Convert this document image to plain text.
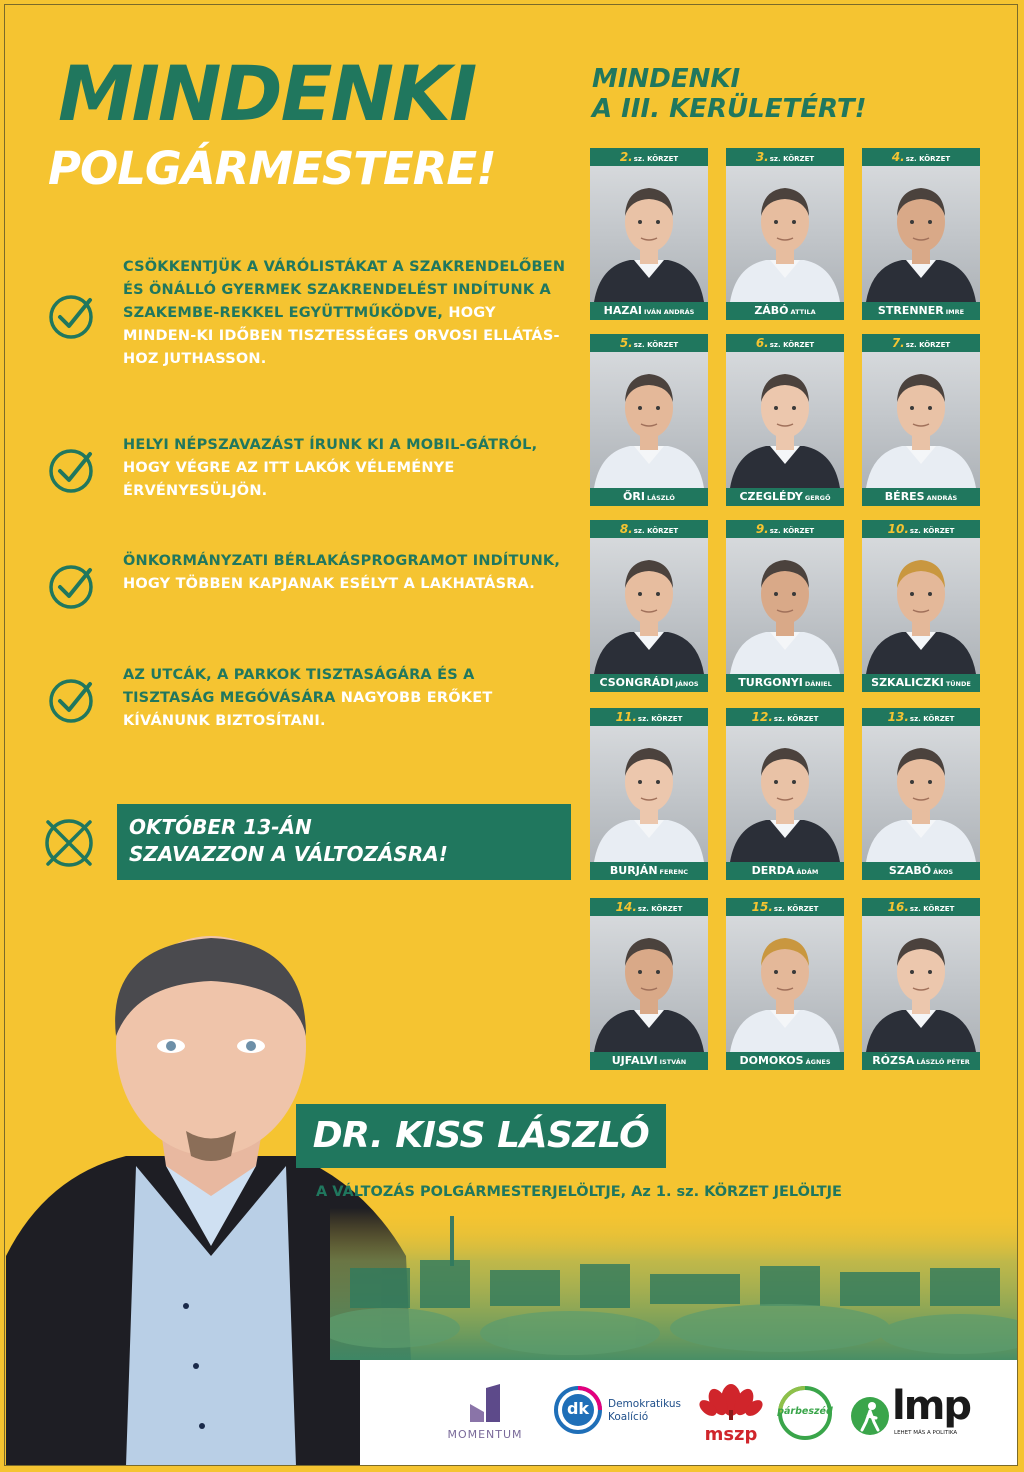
MINDENKI
POLGÁRMESTERE!
MINDENKI
A III. KERÜLETÉRT!
CSÖKKENTJÜK A VÁRÓLISTÁKAT A SZAKRENDELŐBEN ÉS ÖNÁLLÓ GYERMEK SZAKRENDELÉST INDÍTUNK A SZAKEMBE-REKKEL EGYÜTTMŰKÖDVE, HOGY MINDEN-KI IDŐBEN TISZTESSÉGES ORVOSI ELLÁTÁS-HOZ JUTHASSON.
HELYI NÉPSZAVAZÁST ÍRUNK KI A MOBIL-GÁTRÓL, HOGY VÉGRE AZ ITT LAKÓK VÉLEMÉNYE ÉRVÉNYESÜLJÖN.
ÖNKORMÁNYZATI BÉRLAKÁSPROGRAMOT INDÍTUNK, HOGY TÖBBEN KAPJANAK ESÉLYT A LAKHATÁSRA.
AZ UTCÁK, A PARKOK TISZTASÁGÁRA ÉS A TISZTASÁG MEGÓVÁSÁRA NAGYOBB ERŐKET KÍVÁNUNK BIZTOSÍTANI.
OKTÓBER 13-ÁN
SZAVAZZON A VÁLTOZÁSRA!
2.sz. KÖRZET
HAZAI IVÁN ANDRÁS
3.sz. KÖRZET
ZÁBÓ ATTILA
4.sz. KÖRZET
STRENNER IMRE
5.sz. KÖRZET
ŐRI LÁSZLÓ
6.sz. KÖRZET
CZEGLÉDY GERGŐ
7.sz. KÖRZET
BÉRES ANDRÁS
8.sz. KÖRZET
CSONGRÁDI JÁNOS
9.sz. KÖRZET
TURGONYI DÁNIEL
10.sz. KÖRZET
SZKALICZKI TÜNDE
11.sz. KÖRZET
BURJÁN FERENC
12.sz. KÖRZET
DERDA ÁDÁM
13.sz. KÖRZET
SZABÓ ÁKOS
14.sz. KÖRZET
UJFALVI ISTVÁN
15.sz. KÖRZET
DOMOKOS ÁGNES
16.sz. KÖRZET
RÓZSA LÁSZLÓ PÉTER
DR. KISS LÁSZLÓ
A VÁLTOZÁS POLGÁRMESTERJELÖLTJE, Az 1. sz. KÖRZET JELÖLTJE
MOMENTUM
dk	Demokratikus
Koalíció
mszp
párbeszéd lmp
LEHET MÁS A POLITIKA
